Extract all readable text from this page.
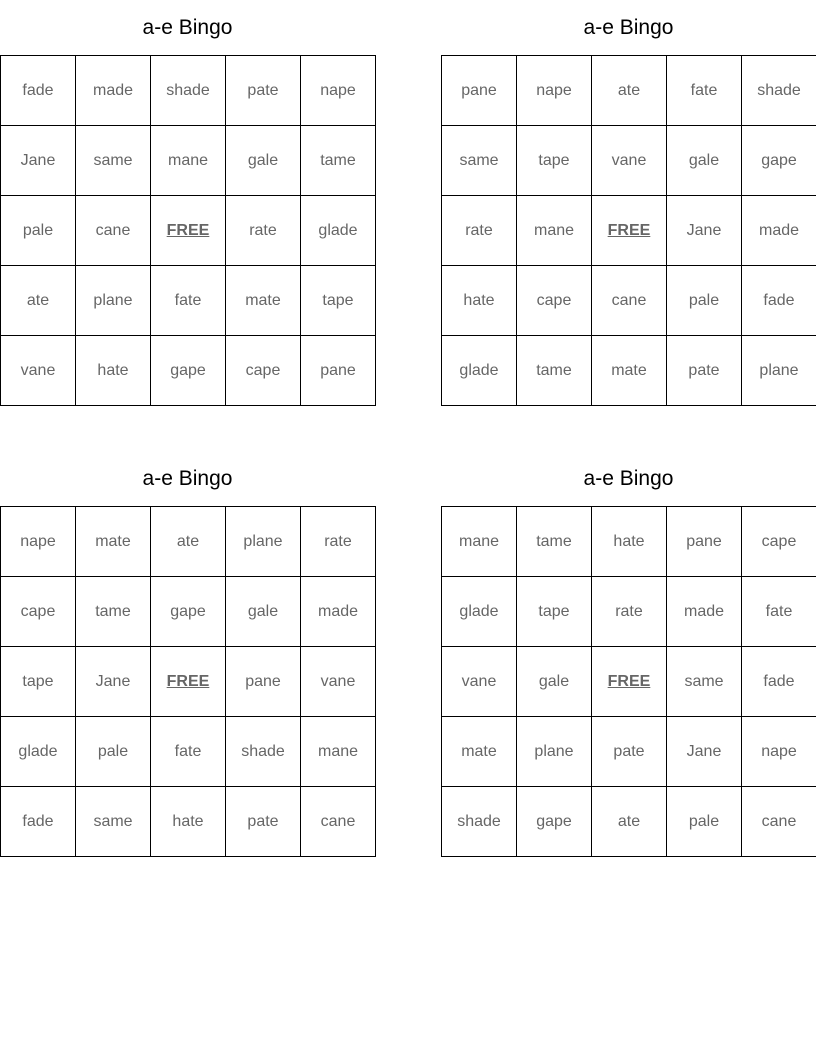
a-e Bingo
fade	made	shade	pate	nape
Jane	same	mane	gale	tame
pale	cane	FREE	rate	glade
ate	plane	fate	mate	tape
vane	hate	gape	cape	pane
a-e Bingo
pane	nape	ate	fate	shade
same	tape	vane	gale	gape
rate	mane	FREE	Jane	made
hate	cape	cane	pale	fade
glade	tame	mate	pate	plane
a-e Bingo
nape	mate	ate	plane	rate
cape	tame	gape	gale	made
tape	Jane	FREE	pane	vane
glade	pale	fate	shade	mane
fade	same	hate	pate	cane
a-e Bingo
mane	tame	hate	pane	cape
glade	tape	rate	made	fate
vane	gale	FREE	same	fade
mate	plane	pate	Jane	nape
shade	gape	ate	pale	cane
